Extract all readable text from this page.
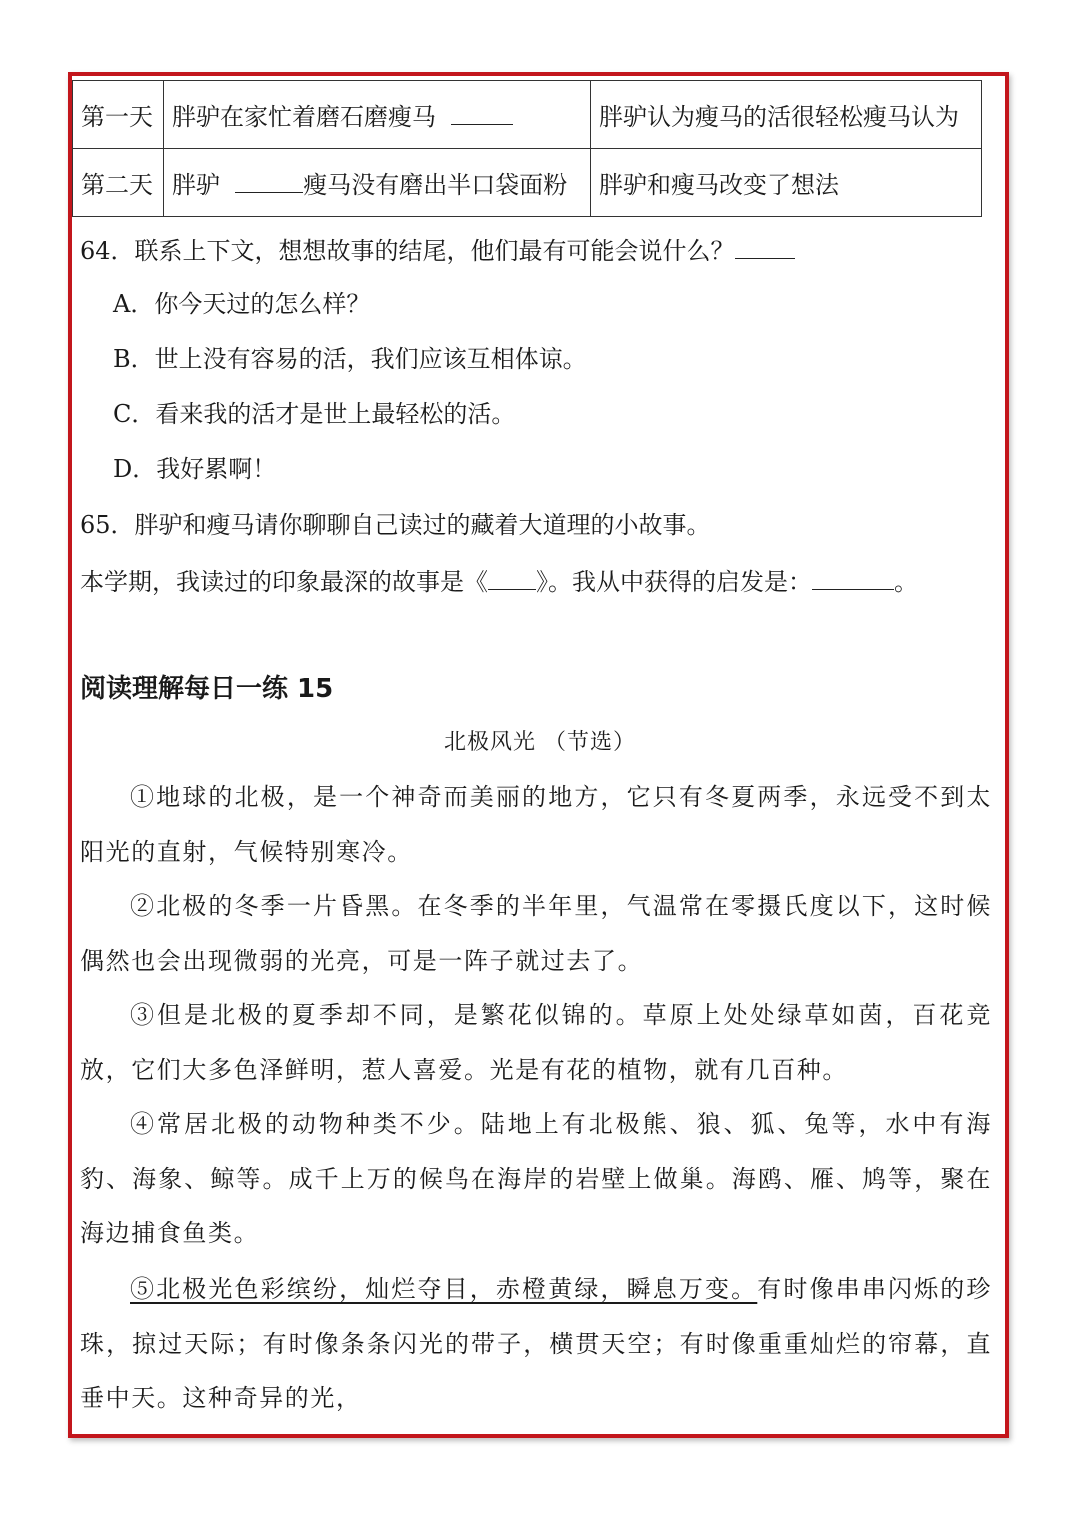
第一天	胖驴在家忙着磨石磨瘦马	胖驴认为瘦马的活很轻松瘦马认为
第二天	胖驴 瘦马没有磨出半口袋面粉	胖驴和瘦马改变了想法
64．联系上下文，想想故事的结尾，他们最有可能会说什么？
A．你今天过的怎么样？
B．世上没有容易的活，我们应该互相体谅。
C．看来我的活才是世上最轻松的活。
D．我好累啊！
65．胖驴和瘦马请你聊聊自己读过的藏着大道理的小故事。
本学期，我读过的印象最深的故事是《 》。我从中获得的启发是：	。
阅读理解每日一练 15
北极风光 （节选）
①地球的北极，是一个神奇而美丽的地方，它只有冬夏两季，永远受不到太阳光的直射，气候特别寒冷。
②北极的冬季一片昏黑。在冬季的半年里，气温常在零摄氏度以下，这时候偶然也会出现微弱的光亮，可是一阵子就过去了。
③但是北极的夏季却不同，是繁花似锦的。草原上处处绿草如茵，百花竞放，它们大多色泽鲜明，惹人喜爱。光是有花的植物，就有几百种。
④常居北极的动物种类不少。陆地上有北极熊、狼、狐、兔等，水中有海豹、海象、鲸等。成千上万的候鸟在海岸的岩壁上做巢。海鸥、雁、鸠等，聚在海边捕食鱼类。
⑤北极光色彩缤纷，灿烂夺目，赤橙黄绿，瞬息万变。有时像串串闪烁的珍珠，掠过天际；有时像条条闪光的带子，横贯天空；有时像重重灿烂的帘幕，直垂中天。这种奇异的光，
